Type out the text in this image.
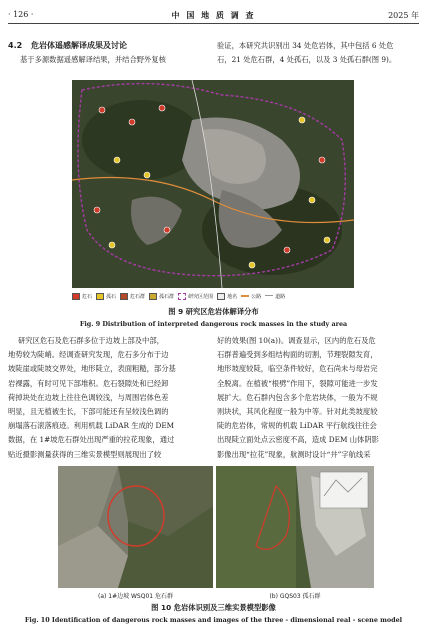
· 126 ·	中 国 地 质 调 查	2025 年
4.2 危岩体遥感解译成果及讨论
基于多源数据遥感解译结果，并结合野外复核
验证，本研究共识别出 34 处危岩体，其中包括 6 处危
石，21 处危石群，4 处孤石，以及 3 处孤石群(图 9)。
危石	孤石	危石群	孤石群	研究区范围	地名	公路	道路
图 9 研究区危岩体解译分布
Fig. 9 Distribution of interpreted dangerous rock masses in the study area
研究区危石及危石群多位于边坡上部及中部，
地势较为陡峭。经调查研究发现，危石多分布于边
坡陡崖或陡坡交界处，地形陡立，表面粗糙，部分基
岩裸露，有时可见下部堆积。危石裂隙处和已经卸
荷掉块处在边坡上往往色调较浅，与周围岩体色差
明显，且无植被生长，下部可能还有呈较浅色调的
崩塌落石滚落痕迹。利用机载 LiDAR 生成的 DEM
数据，在 1#坡危石群处出现严重的拉花现象，通过
贴近摄影测量获得的三维实景模型则展现出了较
好的效果(图 10(a))。调查显示，区内的危石及危
石群普遍受到多组结构面的切割，节理裂隙发育，
地形坡度较陡，临空条件较好，危石尚未与母岩完
全脱离。在植被“根劈”作用下，裂隙可能进一步发
展扩大。危石群内包含多个危岩块体，一般为不规
则块状，其风化程度一般为中等。针对此类坡度较
陡的危岩体，常规的机载 LiDAR 平行航线往往会
出现陡立面处点云密度不高，造成 DEM 山体阴影
影像出现“拉花”现象，航测时设计“井”字航线采
(a) 1#边坡 WSQ01 危石群	(b) GQS03 孤石群
图 10 危岩体识别及三维实景模型影像
Fig. 10 Identification of dangerous rock masses and images of the three - dimensional real - scene model
